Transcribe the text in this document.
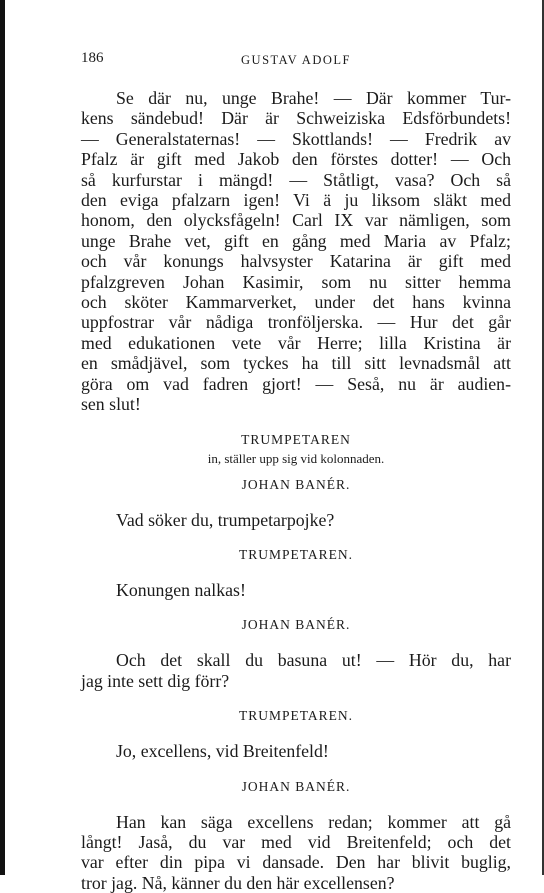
186	GUSTAV ADOLF

Se där nu, unge Brahe! — Där kommer Tur-
kens sändebud! Där är Schweiziska Edsförbundets!
— Generalstaternas! — Skottlands! — Fredrik av
Pfalz är gift med Jakob den förstes dotter! — Och
så kurfurstar i mängd! — Ståtligt, vasa? Och så
den eviga pfalzarn igen! Vi ä ju liksom släkt med
honom, den olycksfågeln! Carl IX var nämligen, som
unge Brahe vet, gift en gång med Maria av Pfalz;
och vår konungs halvsyster Katarina är gift med
pfalzgreven Johan Kasimir, som nu sitter hemma
och sköter Kammarverket, under det hans kvinna
uppfostrar vår nådiga tronföljerska. — Hur det går
med edukationen vete vår Herre; lilla Kristina är
en smådjävel, som tyckes ha till sitt levnadsmål att
göra om vad fadren gjort! — Seså, nu är audien-
sen slut!

TRUMPETAREN
in, ställer upp sig vid kolonnaden.
JOHAN BANÉR.

Vad söker du, trumpetarpojke?

TRUMPETAREN.

Konungen nalkas!

JOHAN BANÉR.

Och det skall du basuna ut! — Hör du, har
jag inte sett dig förr?

TRUMPETAREN.

Jo, excellens, vid Breitenfeld!

JOHAN BANÉR.

Han kan säga excellens redan; kommer att gå
långt! Jaså, du var med vid Breitenfeld; och det
var efter din pipa vi dansade. Den har blivit buglig,
tror jag. Nå, känner du den här excellensen?
